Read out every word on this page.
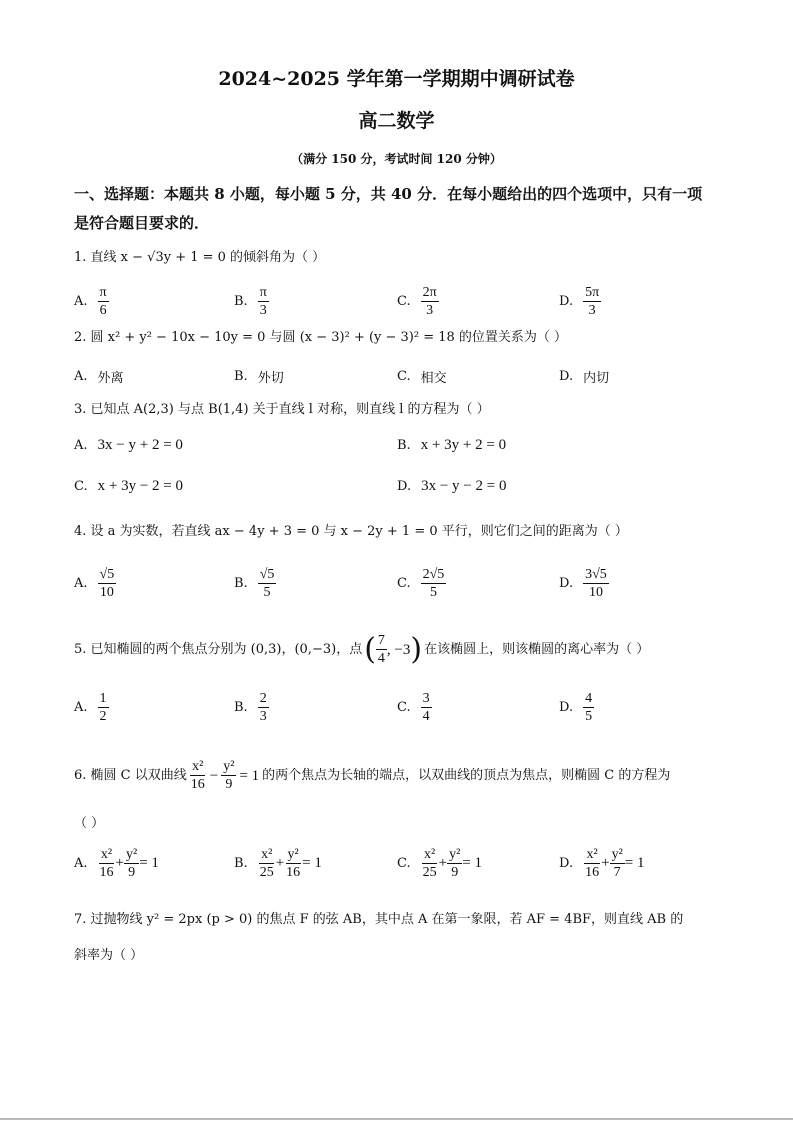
2024~2025 学年第一学期期中调研试卷
高二数学
（满分 150 分，考试时间 120 分钟）
一、选择题：本题共 8 小题，每小题 5 分，共 40 分．在每小题给出的四个选项中，只有一项
是符合题目要求的．
1. 直线 x − √3y + 1 = 0 的倾斜角为（ ）
A. $\frac{\pi}{6}$	B. $\frac{\pi}{3}$	C. $\frac{2\pi}{3}$	D. $\frac{5\pi}{3}$
2. 圆 x² + y² − 10x − 10y = 0 与圆 (x − 3)² + (y − 3)² = 18 的位置关系为（ ）
A. 外离	B. 外切	C. 相交	D. 内切
3. 已知点 A(2,3) 与点 B(1,4) 关于直线 l 对称，则直线 l 的方程为（ ）
A. 3x − y + 2 = 0	B. x + 3y + 2 = 0
C. x + 3y − 2 = 0	D. 3x − y − 2 = 0
4. 设 a 为实数，若直线 ax − 4y + 3 = 0 与 x − 2y + 1 = 0 平行，则它们之间的距离为（ ）
A. $\frac{√5}{10}$	B. $\frac{√5}{5}$	C. $\frac{2√5}{5}$	D. $\frac{3√5}{10}$
5. 已知椭圆的两个焦点分别为 (0,3)，(0,−3)，点 ( $\frac{7}{4}$ , −3 ) 在该椭圆上，则该椭圆的离心率为（ ）
A. $\frac{1}{2}$	B. $\frac{2}{3}$	C. $\frac{3}{4}$	D. $\frac{4}{5}$
6. 椭圆 C 以双曲线 $\frac{\text{x²}}{16} - \frac{\text{y²}}{9} = 1$ 的两个焦点为长轴的端点，以双曲线的顶点为焦点，则椭圆 C 的方程为
（ ）
A. $\frac{\text{x²}}{16} + \frac{\text{y²}}{9} = 1$	B. $\frac{\text{x²}}{25} + \frac{\text{y²}}{16} = 1$	C. $\frac{\text{x²}}{25} + \frac{\text{y²}}{9} = 1$	D. $\frac{\text{x²}}{16} + \frac{\text{y²}}{7} = 1$
7. 过抛物线 y² = 2px (p > 0) 的焦点 F 的弦 AB，其中点 A 在第一象限，若 AF = 4BF，则直线 AB 的
斜率为（ ）
